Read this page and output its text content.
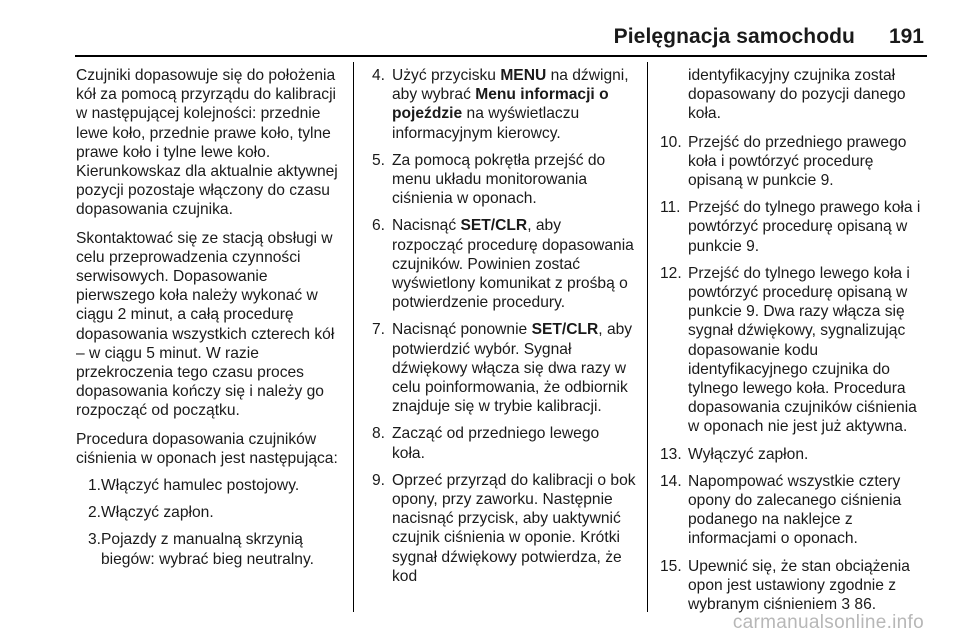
Pielęgnacja samochodu 191

Czujniki dopasowuje się do położenia kół za pomocą przyrządu do kalibracji w następującej kolejności: przednie lewe koło, przednie prawe koło, tylne prawe koło i tylne lewe koło. Kierunkowskaz dla aktualnie aktywnej pozycji pozostaje włączony do czasu dopasowania czujnika.

Skontaktować się ze stacją obsługi w celu przeprowadzenia czynności serwisowych. Dopasowanie pierwszego koła należy wykonać w ciągu 2 minut, a całą procedurę dopasowania wszystkich czterech kół – w ciągu 5 minut. W razie przekroczenia tego czasu proces dopasowania kończy się i należy go rozpocząć od początku.

Procedura dopasowania czujników ciśnienia w oponach jest następująca:

1. Włączyć hamulec postojowy.
2. Włączyć zapłon.
3. Pojazdy z manualną skrzynią biegów: wybrać bieg neutralny.
4. Użyć przycisku MENU na dźwigni, aby wybrać Menu informacji o pojeździe na wyświetlaczu informacyjnym kierowcy.
5. Za pomocą pokrętła przejść do menu układu monitorowania ciśnienia w oponach.
6. Nacisnąć SET/CLR, aby rozpocząć procedurę dopasowania czujników. Powinien zostać wyświetlony komunikat z prośbą o potwierdzenie procedury.
7. Nacisnąć ponownie SET/CLR, aby potwierdzić wybór. Sygnał dźwiękowy włącza się dwa razy w celu poinformowania, że odbiornik znajduje się w trybie kalibracji.
8. Zacząć od przedniego lewego koła.
9. Oprzeć przyrząd do kalibracji o bok opony, przy zaworku. Następnie nacisnąć przycisk, aby uaktywnić czujnik ciśnienia w oponie. Krótki sygnał dźwiękowy potwierdza, że kod

identyfikacyjny czujnika został dopasowany do pozycji danego koła.

10. Przejść do przedniego prawego koła i powtórzyć procedurę opisaną w punkcie 9.
11. Przejść do tylnego prawego koła i powtórzyć procedurę opisaną w punkcie 9.
12. Przejść do tylnego lewego koła i powtórzyć procedurę opisaną w punkcie 9. Dwa razy włącza się sygnał dźwiękowy, sygnalizując dopasowanie kodu identyfikacyjnego czujnika do tylnego lewego koła. Procedura dopasowania czujników ciśnienia w oponach nie jest już aktywna.
13. Wyłączyć zapłon.
14. Napompować wszystkie cztery opony do zalecanego ciśnienia podanego na naklejce z informacjami o oponach.
15. Upewnić się, że stan obciążenia opon jest ustawiony zgodnie z wybranym ciśnieniem 3 86.
carmanualsonline.info
